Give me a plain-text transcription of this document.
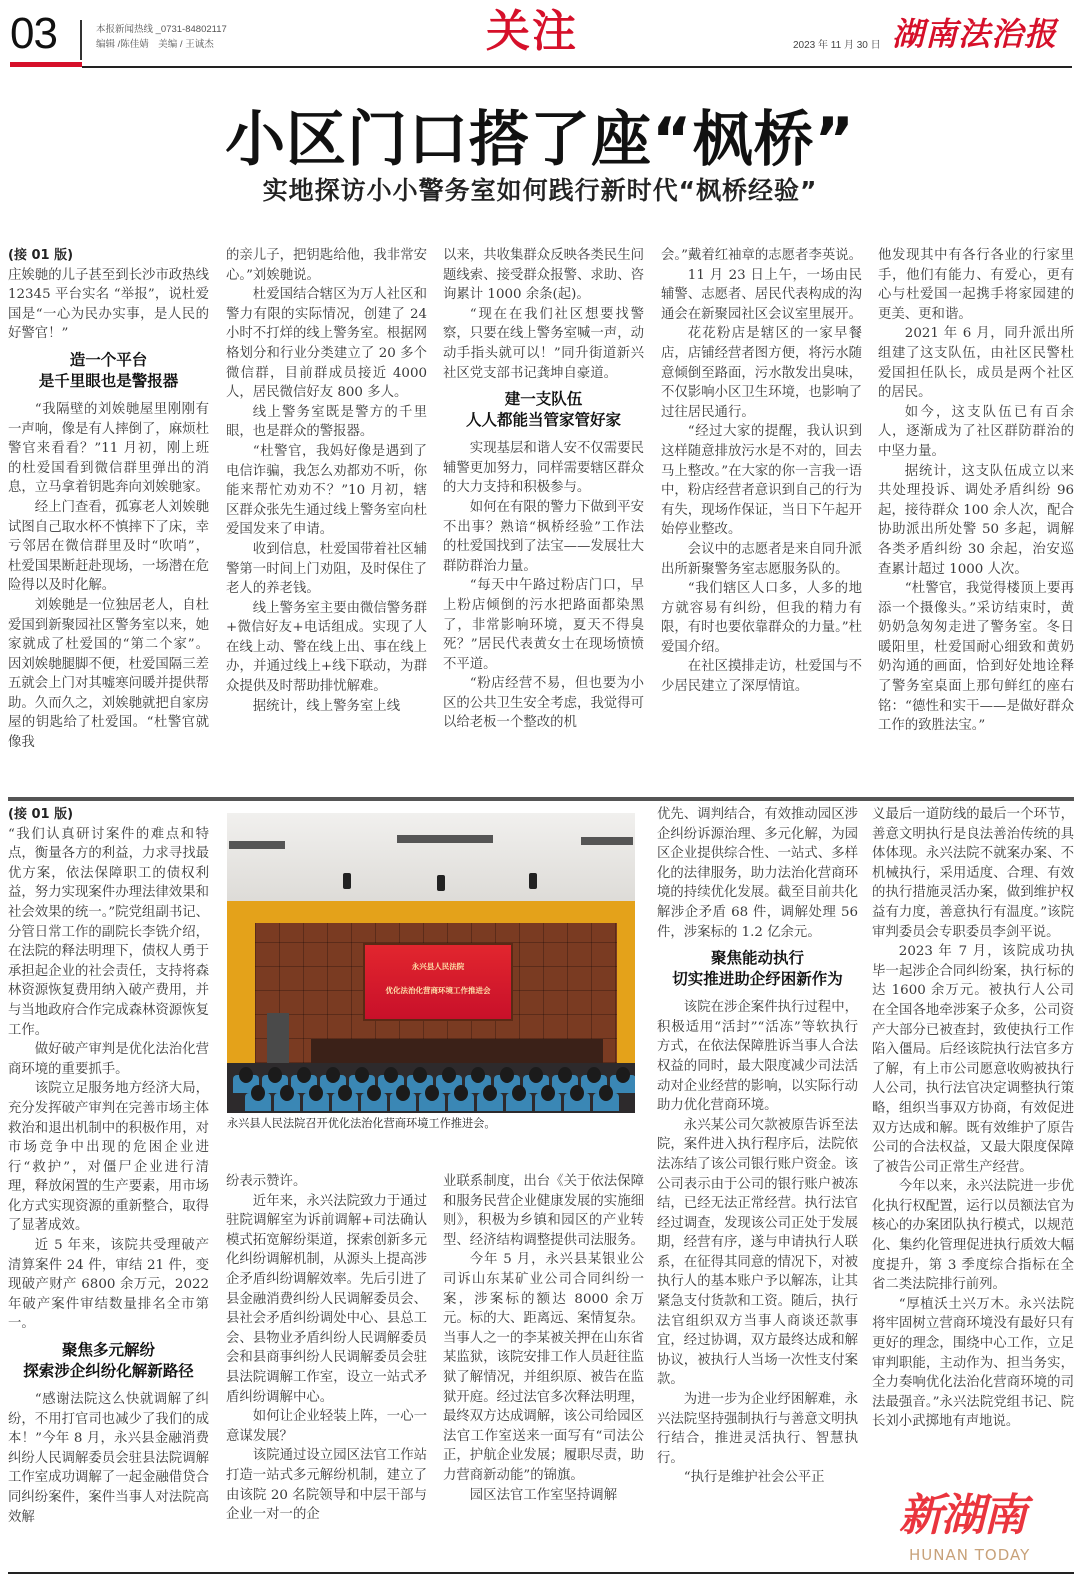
03	本报新闻热线 _0731-84802117
编辑 /陈佳婧　美编 / 王诚杰	关注	2023 年 11 月 30 日 湖南法治报
小区门口搭了座“枫桥”
实地探访小小警务室如何践行新时代“枫桥经验”

(接 01 版)

庄娭毑的儿子甚至到长沙市政热线 12345 平台实名 “举报”，说杜爱国是“一心为民办实事，是人民的好警官！”

造一个平台
是千里眼也是警报器

“我隔壁的刘娭毑屋里刚刚有一声响，像是有人摔倒了，麻烦杜警官来看看？”11 月初，刚上班的杜爱国看到微信群里弹出的消息，立马拿着钥匙奔向刘娭毑家。

经上门查看，孤寡老人刘娭毑试图自己取水杯不慎摔下了床，幸亏邻居在微信群里及时“吹哨”，杜爱国果断赶赴现场，一场潜在危险得以及时化解。

刘娭毑是一位独居老人，自杜爱国到新聚园社区警务室以来，她家就成了杜爱国的“第二个家”。因刘娭毑腿脚不便，杜爱国隔三差五就会上门对其嘘寒问暖并提供帮助。久而久之，刘娭毑就把自家房屋的钥匙给了杜爱国。“杜警官就像我

的亲儿子，把钥匙给他，我非常安心。”刘娭毑说。

杜爱国结合辖区为万人社区和警力有限的实际情况，创建了 24 小时不打烊的线上警务室。根据网格划分和行业分类建立了 20 多个微信群，目前群成员接近 4000 人，居民微信好友 800 多人。

线上警务室既是警方的千里眼，也是群众的警报器。

“杜警官，我妈好像是遇到了电信诈骗，我怎么劝都劝不听，你能来帮忙劝劝不？”10 月初，辖区群众张先生通过线上警务室向杜爱国发来了申请。

收到信息，杜爱国带着社区辅警第一时间上门劝阻，及时保住了老人的养老钱。

线上警务室主要由微信警务群+微信好友+电话组成。实现了人在线上动、警在线上出、事在线上办，并通过线上+线下联动，为群众提供及时帮助排忧解难。

据统计，线上警务室上线

以来，共收集群众反映各类民生问题线索、接受群众报警、求助、咨询累计 1000 余条(起)。

“现在在我们社区想要找警察，只要在线上警务室喊一声，动动手指头就可以！”同升街道新兴社区党支部书记龚坤自豪道。

建一支队伍
人人都能当管家管好家

实现基层和谐人安不仅需要民辅警更加努力，同样需要辖区群众的大力支持和积极参与。

如何在有限的警力下做到平安不出事？熟谙“枫桥经验”工作法的杜爱国找到了法宝——发展壮大群防群治力量。

“每天中午路过粉店门口，早上粉店倾倒的污水把路面都染黑了，非常影响环境，夏天不得臭死？”居民代表黄女士在现场愤愤不平道。

“粉店经营不易，但也要为小区的公共卫生安全考虑，我觉得可以给老板一个整改的机

会。”戴着红袖章的志愿者李英说。

11 月 23 日上午，一场由民辅警、志愿者、居民代表构成的沟通会在新聚园社区会议室里展开。

花花粉店是辖区的一家早餐店，店铺经营者图方便，将污水随意倾倒至路面，污水散发出臭味，不仅影响小区卫生环境，也影响了过往居民通行。

“经过大家的提醒，我认识到这样随意排放污水是不对的，回去马上整改。”在大家的你一言我一语中，粉店经营者意识到自己的行为有失，现场作保证，当日下午起开始停业整改。

会议中的志愿者是来自同升派出所新聚警务室志愿服务队的。

“我们辖区人口多，人多的地方就容易有纠纷，但我的精力有限，有时也要依靠群众的力量。”杜爱国介绍。

在社区摸排走访，杜爱国与不少居民建立了深厚情谊。

他发现其中有各行各业的行家里手，他们有能力、有爱心，更有心与杜爱国一起携手将家园建的更美、更和谐。

2021 年 6 月，同升派出所组建了这支队伍，由社区民警杜爱国担任队长，成员是两个社区的居民。

如今，这支队伍已有百余人，逐渐成为了社区群防群治的中坚力量。

据统计，这支队伍成立以来共处理投诉、调处矛盾纠纷 96 起，接待群众 100 余人次，配合协助派出所处警 50 多起，调解各类矛盾纠纷 30 余起，治安巡查累计超过 1000 人次。

“杜警官，我觉得楼顶上要再添一个摄像头。”采访结束时，黄奶奶急匆匆走进了警务室。冬日暖阳里，杜爱国耐心细致和黄奶奶沟通的画面，恰到好处地诠释了警务室桌面上那句鲜红的座右铭：“德性和实干——是做好群众工作的致胜法宝。”

永兴县人民法院
优化法治化营商环境工作推进会
永兴县人民法院召开优化法治化营商环境工作推进会。

(接 01 版)

“我们认真研讨案件的难点和特点，衡量各方的利益，力求寻找最优方案，依法保障职工的债权利益，努力实现案件办理法律效果和社会效果的统一。”院党组副书记、分管日常工作的副院长李铣介绍，在法院的释法明理下，债权人勇于承担起企业的社会责任，支持将森林资源恢复费用纳入破产费用，并与当地政府合作完成森林资源恢复工作。

做好破产审判是优化法治化营商环境的重要抓手。

该院立足服务地方经济大局，充分发挥破产审判在完善市场主体救治和退出机制中的积极作用，对市场竞争中出现的危困企业进行“救护”，对僵尸企业进行清理，释放闲置的生产要素，用市场化方式实现资源的重新整合，取得了显著成效。

近 5 年来，该院共受理破产清算案件 24 件，审结 21 件，变现破产财产 6800 余万元，2022 年破产案件审结数量排名全市第一。

聚焦多元解纷
探索涉企纠纷化解新路径

“感谢法院这么快就调解了纠纷，不用打官司也减少了我们的成本！”今年 8 月，永兴县金融消费纠纷人民调解委员会驻县法院调解工作室成功调解了一起金融借贷合同纠纷案件，案件当事人对法院高效解

纷表示赞许。

近年来，永兴法院致力于通过驻院调解室为诉前调解+司法确认模式拓宽解纷渠道，探索创新多元化纠纷调解机制，从源头上提高涉企矛盾纠纷调解效率。先后引进了县金融消费纠纷人民调解委员会、县社会矛盾纠纷调处中心、县总工会、县物业矛盾纠纷人民调解委员会和县商事纠纷人民调解委员会驻县法院调解工作室，设立一站式矛盾纠纷调解中心。

如何让企业轻装上阵，一心一意谋发展？

该院通过设立园区法官工作站打造一站式多元解纷机制，建立了由该院 20 名院领导和中层干部与企业一对一的企

业联系制度，出台《关于依法保障和服务民营企业健康发展的实施细则》，积极为乡镇和园区的产业转型、经济结构调整提供司法服务。

今年 5 月，永兴县某银业公司诉山东某矿业公司合同纠纷一案，涉案标的额达 8000 余万元。标的大、距离远、案情复杂。当事人之一的李某被关押在山东省某监狱，该院安排工作人员赶往监狱了解情况，并组织原、被告在监狱开庭。经过法官多次释法明理，最终双方达成调解，该公司给园区法官工作室送来一面写有“司法公正，护航企业发展；履职尽责，助力营商新动能”的锦旗。

园区法官工作室坚持调解

优先、调判结合，有效推动园区涉企纠纷诉源治理、多元化解，为园区企业提供综合性、一站式、多样化的法律服务，助力法治化营商环境的持续优化发展。截至目前共化解涉企矛盾 68 件，调解处理 56 件，涉案标的 1.2 亿余元。

聚焦能动执行
切实推进助企纾困新作为

该院在涉企案件执行过程中，积极适用“活封”“活冻”等软执行方式，在依法保障胜诉当事人合法权益的同时，最大限度减少司法活动对企业经营的影响，以实际行动助力优化营商环境。

永兴某公司欠款被原告诉至法院，案件进入执行程序后，法院依法冻结了该公司银行账户资金。该公司表示由于公司的银行账户被冻结，已经无法正常经营。执行法官经过调查，发现该公司正处于发展期，经营有序，遂与申请执行人联系，在征得其同意的情况下，对被执行人的基本账户予以解冻，让其紧急支付货款和工资。随后，执行法官组织双方当事人商谈还款事宜，经过协调，双方最终达成和解协议，被执行人当场一次性支付案款。

为进一步为企业纾困解难，永兴法院坚持强制执行与善意文明执行结合，推进灵活执行、智慧执行。

“执行是维护社会公平正

义最后一道防线的最后一个环节，善意文明执行是良法善治传统的具体体现。永兴法院不就案办案、不机械执行，采用适度、合理、有效的执行措施灵活办案，做到维护权益有力度，善意执行有温度。”该院审判委员会专职委员李剑平说。

2023 年 7 月，该院成功执毕一起涉企合同纠纷案，执行标的达 1600 余万元。被执行人公司在全国各地牵涉案子众多，公司资产大部分已被查封，致使执行工作陷入僵局。后经该院执行法官多方了解，有上市公司愿意收购被执行人公司，执行法官决定调整执行策略，组织当事双方协商，有效促进双方达成和解。既有效维护了原告公司的合法权益，又最大限度保障了被告公司正常生产经营。

今年以来，永兴法院进一步优化执行权配置，运行以员额法官为核心的办案团队执行模式，以规范化、集约化管理促进执行质效大幅度提升，第 3 季度综合指标在全省二类法院排行前列。

“厚植沃土兴万木。永兴法院将牢固树立营商环境没有最好只有更好的理念，围绕中心工作，立足审判职能，主动作为、担当务实，全力奏响优化法治化营商环境的司法最强音。”永兴法院党组书记、院长刘小武掷地有声地说。

新湖南
HUNAN TODAY
